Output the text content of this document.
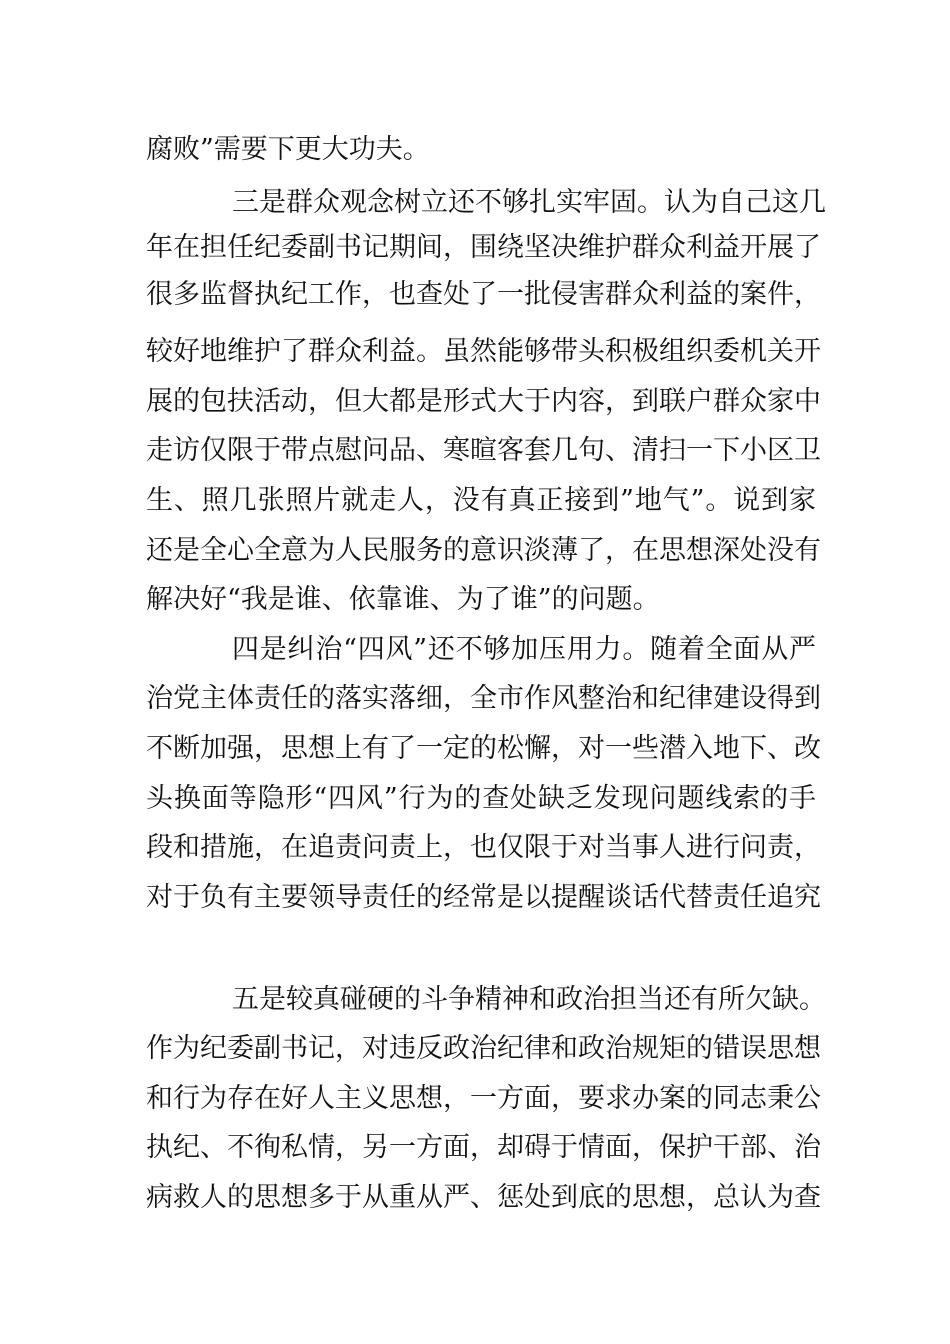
腐败”需要下更大功夫。
三是群众观念树立还不够扎实牢固。认为自己这几
年在担任纪委副书记期间，围绕坚决维护群众利益开展了
很多监督执纪工作，也查处了一批侵害群众利益的案件，
较好地维护了群众利益。虽然能够带头积极组织委机关开
展的包扶活动，但大都是形式大于内容，到联户群众家中
走访仅限于带点慰问品、寒暄客套几句、清扫一下小区卫
生、照几张照片就走人，没有真正接到”地气”。说到家
还是全心全意为人民服务的意识淡薄了，在思想深处没有
解决好“我是谁、依靠谁、为了谁”的问题。
四是纠治“四风”还不够加压用力。随着全面从严
治党主体责任的落实落细，全市作风整治和纪律建设得到
不断加强，思想上有了一定的松懈，对一些潜入地下、改
头换面等隐形“四风”行为的查处缺乏发现问题线索的手
段和措施，在追责问责上，也仅限于对当事人进行问责，
对于负有主要领导责任的经常是以提醒谈话代替责任追究
五是较真碰硬的斗争精神和政治担当还有所欠缺。
作为纪委副书记，对违反政治纪律和政治规矩的错误思想
和行为存在好人主义思想，一方面，要求办案的同志秉公
执纪、不徇私情，另一方面，却碍于情面，保护干部、治
病救人的思想多于从重从严、惩处到底的思想，总认为查
